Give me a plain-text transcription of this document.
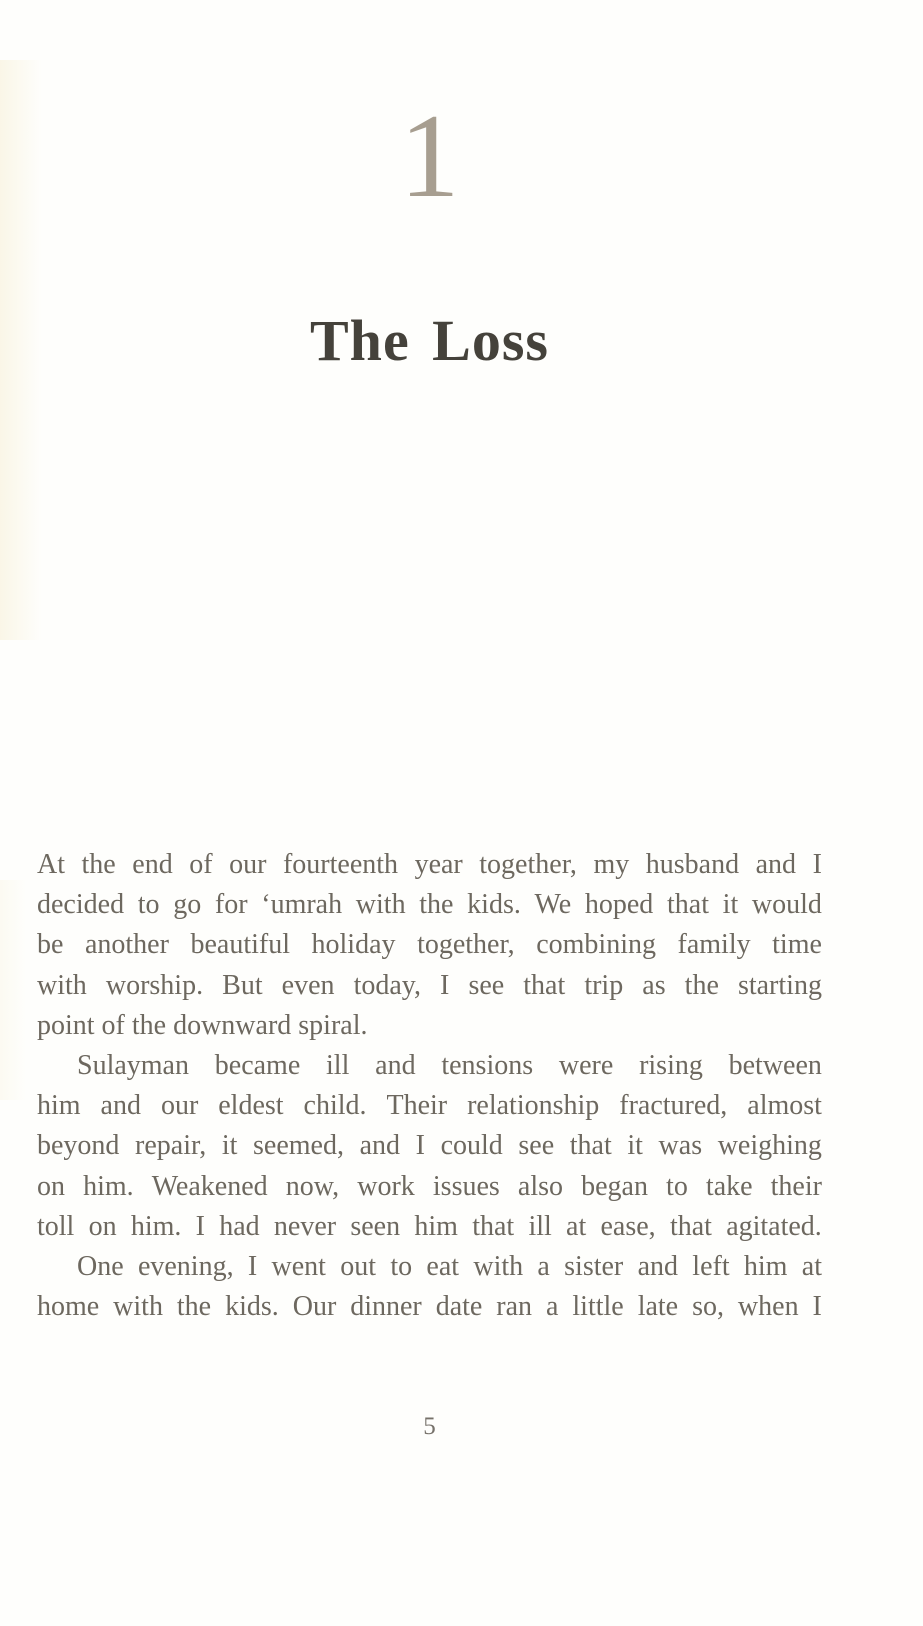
1
The Loss
At the end of our fourteenth year together, my husband and I
decided to go for ‘umrah with the kids. We hoped that it would
be another beautiful holiday together, combining family time
with worship. But even today, I see that trip as the starting
point of the downward spiral.
Sulayman became ill and tensions were rising between
him and our eldest child. Their relationship fractured, almost
beyond repair, it seemed, and I could see that it was weighing
on him. Weakened now, work issues also began to take their
toll on him. I had never seen him that ill at ease, that agitated.
One evening, I went out to eat with a sister and left him at
home with the kids. Our dinner date ran a little late so, when I
5
